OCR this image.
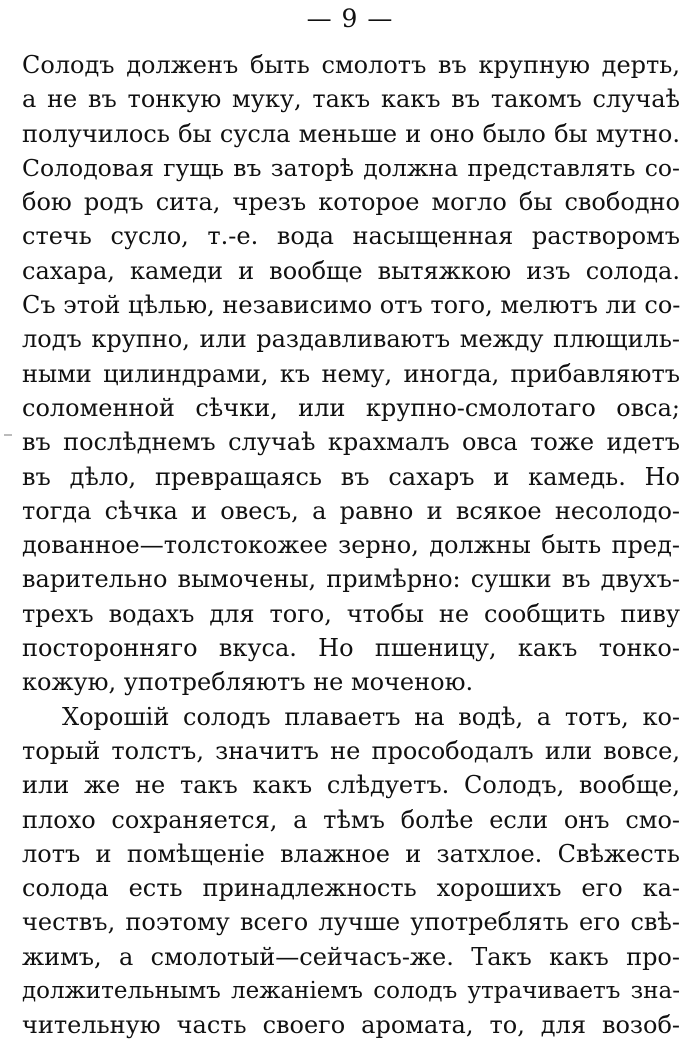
— 9 —
Солодъ долженъ быть смолотъ въ крупную дерть,
а не въ тонкую муку, такъ какъ въ такомъ случаѣ
получилось бы сусла меньше и оно было бы мутно.
Солодовая гущь въ заторѣ должна представлять со-
бою родъ сита, чрезъ которое могло бы свободно
стечь сусло, т.-е. вода насыщенная растворомъ
сахара, камеди и вообще вытяжкою изъ солода.
Съ этой цѣлью, независимо отъ того, мелютъ ли со-
лодъ крупно, или раздавливаютъ между плющиль-
ными цилиндрами, къ нему, иногда, прибавляютъ
соломенной сѣчки, или крупно-смолотаго овса;
въ послѣднемъ случаѣ крахмалъ овса тоже идетъ
въ дѣло, превращаясь въ сахаръ и камедь. Но
тогда сѣчка и овесъ, а равно и всякое несолодо-
дованное—толстокожее зерно, должны быть пред-
варительно вымочены, примѣрно: сушки въ двухъ-
трехъ водахъ для того, чтобы не сообщить пиву
посторонняго вкуса. Но пшеницу, какъ тонко-
кожую, употребляютъ не моченою.
Хорошій солодъ плаваетъ на водѣ, а тотъ, ко-
торый толстъ, значитъ не просободалъ или вовсе,
или же не такъ какъ слѣдуетъ. Солодъ, вообще,
плохо сохраняется, а тѣмъ болѣе если онъ смо-
лотъ и помѣщеніе влажное и затхлое. Свѣжесть
солода есть принадлежность хорошихъ его ка-
чествъ, поэтому всего лучше употреблять его свѣ-
жимъ, а смолотый—сейчасъ-же. Такъ какъ про-
должительнымъ лежаніемъ солодъ утрачиваетъ зна-
чительную часть своего аромата, то, для возоб-
